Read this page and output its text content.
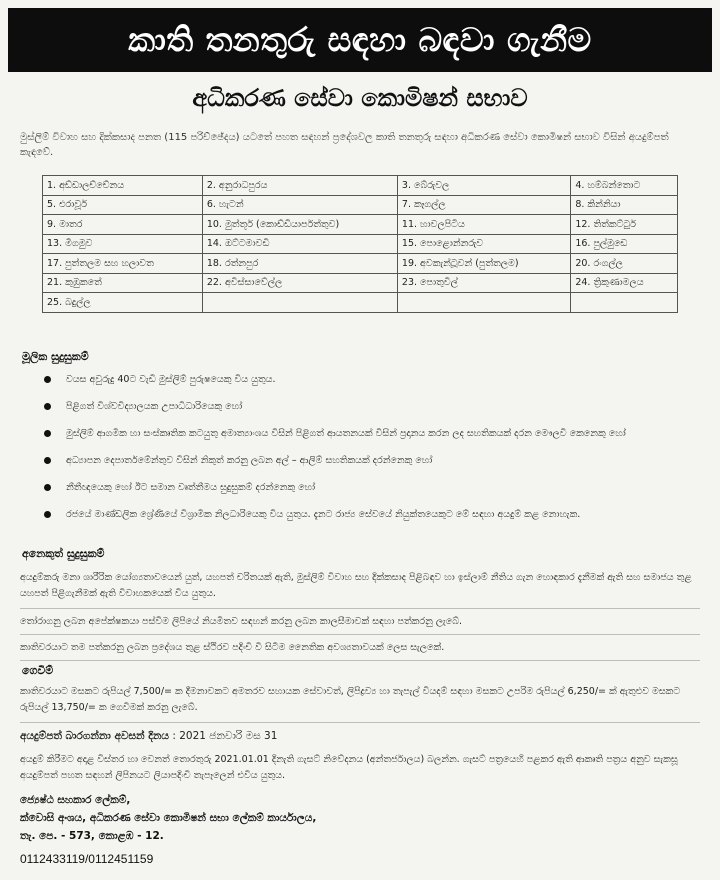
කාති තනතුරු සඳහා බඳවා ගැනීම
අධිකරණ සේවා කොමිෂන් සභාව
මුස්ලිම් විවාහ සහ දික්කසාද පනත (115 පරිච්ඡේදය) යටතේ පහත සඳහන් ප්‍රදේශවල කාති තනතුරු සඳහා අධිකරණ සේවා කොමිෂන් සභාව විසින් අයදුම්පත් කැඳවේ.
1. අඩ්ඩාලච්චේනය	2. අනුරාධපුරය	3. බේරුවල	4. හම්බන්තොට
5. එරාවූර්	6. හැටන්	7. කෑගල්ල	8. කින්නියා
9. මාතර	10. මුත්තූර් (කොඩ්ඩියාර්පත්තුව)	11. හාවලපිටිය	12. තිත්කට්ටුර්
13. මීගමුව	14. ඔට්ටමාවඩි	15. පොළොන්නරුව	16. පුල්මුඩෙ
17. පුත්තලම සහ හලාවත	18. රත්නපුර	19. අවකැන්ටූවන් (පුත්තලම)	20. රංගල්ල
21. කුඹුකතේ	22. අවිස්සාවේල්ල	23. පොතුවිල්	24. ත්‍රිකුණාමලය
25. බදුල්ල			
මූලික සුදුසුකම්
වයස අවුරුදු 40ට වැඩි මුස්ලිම් පුරුෂයෙකු විය යුතුය.
පිළිගත් විශ්වවිද්‍යාලයක උපාධිධාරියෙකු හෝ
මුස්ලිම් ආගමික හා සංස්කෘතික කටයුතු අමාත්‍යාංශය විසින් පිළිගත් ආයතනයක් විසින් ප්‍රදානය කරන ලද සහතිකයක් දරන මෞලවි කෙනෙකු හෝ
අධ්‍යාපන දෙපාර්තමේන්තුව විසින් නිකුත් කරනු ලබන අල් – ආලිම් සහතිකයක් දරන්නෙකු හෝ
නීතීඥයෙකු හෝ ඊට සමාන වෘත්තීමය සුදුසුකම් දරන්නෙකු හෝ
රජයේ මාණ්ඩලික ශ්‍රේණියේ විශ්‍රාමික නිලධාරියෙකු විය යුතුය. දැනට රාජ්‍ය සේවයේ නියුක්තයෙකුට මේ සඳහා අයදුම් කළ නොහැක.
අනෙකුත් සුදුසුකම්
අයදුම්කරු මනා ශාරීරික යෝග්‍යතාවයෙන් යුත්, යහපත් චරිතයක් ඇති, මුස්ලිම් විවාහ සහ දික්කසාද පිළිබඳව හා ඉස්ලාම් නීතිය ගැන හොඳකාර දැනීමක් ඇති සහ සමාජය තුළ යහපත් පිළිගැනීමක් ඇති විවාහකයෙක් විය යුතුය.
තෝරාගනු ලබන අපේක්ෂකයා පස්වීම ලිපියේ නියමිතව සඳහන් කරනු ලබන කාලසීමාවක් සඳහා පත්කරනු ලැබේ.
කාතිවරයාට තම පත්කරනු ලබන ප්‍රදේශය තුළ ස්ථිරව පදිංචි වී සිටීම නෛතික අවශ්‍යතාවයක් ලෙස සැලකේ.
ගෙවීම්
කාතිවරයාට මසකට රුපියල් 7,500/= ක දීමනාවකට අමතරව සහායක සේවාවත්, ලිපිද්‍රව්‍ය හා තැපැල් වියදම් සඳහා මසකට උපරිම රුපියල් 6,250/= ක් ඇතුළුව මසකට රුපියල් 13,750/= ක ගෙවීමක් කරනු ලැබේ.
අයදුම්පත් බාරගන්නා අවසන් දිනය : 2021 ජනවාරි මස 31
අයදුම් කිරීමට අදාළ විස්තර හා වෙනත් තොරතුරු 2021.01.01 දිනැති ගැසට් නිවේදනය (අන්තර්ජාලය) බලන්න. ගැසට් පත්‍රයෙහි පළකර ඇති ආකෘති පත්‍රය අනුව සැකසූ අයදුම්පත් පහත සඳහන් ලිපිනයට ලියාපදිංචි තැපෑලෙන් එවිය යුතුය.
ජ්‍යෙෂ්ඨ සහකාර ලේකම්,
ක්වොසි අංශය, අධිකරණ සේවා කොමිෂන් සභා ලේකම් කාර්යාලය,
තැ. පෙ. - 573, කොළඹ - 12.
0112433119/0112451159
